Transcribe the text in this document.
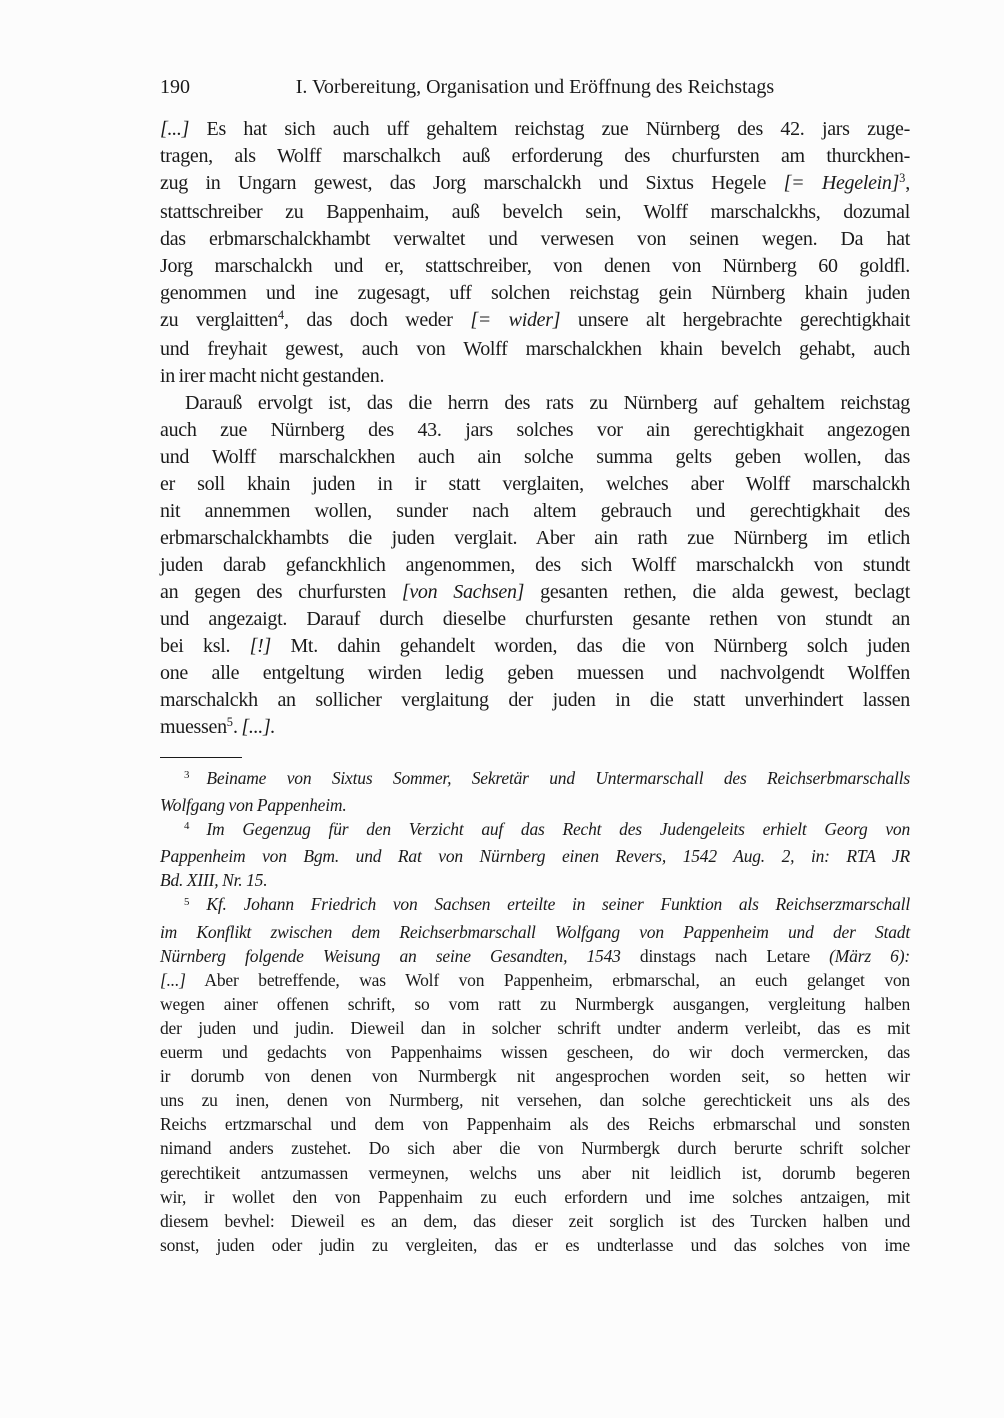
190	I. Vorbereitung, Organisation und Eröffnung des Reichstags
[...] Es hat sich auch uff gehaltem reichstag zue Nürnberg des 42. jars zuge-
tragen, als Wolff marschalkch auß erforderung des churfursten am thurckhen-
zug in Ungarn gewest, das Jorg marschalckh und Sixtus Hegele [= Hegelein]$^3$,
stattschreiber zu Bappenhaim, auß bevelch sein, Wolff marschalckhs, dozumal
das erbmarschalckhambt verwaltet und verwesen von seinen wegen. Da hat
Jorg marschalckh und er, stattschreiber, von denen von Nürnberg 60 goldfl.
genommen und ine zugesagt, uff solchen reichstag gein Nürnberg khain juden
zu verglaitten$^4$, das doch weder [= wider] unsere alt hergebrachte gerechtigkhait
und freyhait gewest, auch von Wolff marschalckhen khain bevelch gehabt, auch
in irer macht nicht gestanden.
Darauß ervolgt ist, das die herrn des rats zu Nürnberg auf gehaltem reichstag
auch zue Nürnberg des 43. jars solches vor ain gerechtigkhait angezogen
und Wolff marschalckhen auch ain solche summa gelts geben wollen, das
er soll khain juden in ir statt verglaiten, welches aber Wolff marschalckh
nit annemmen wollen, sunder nach altem gebrauch und gerechtigkhait des
erbmarschalckhambts die juden verglait. Aber ain rath zue Nürnberg im etlich
juden darab gefanckhlich angenommen, des sich Wolff marschalckh von stundt
an gegen des churfursten [von Sachsen] gesanten rethen, die alda gewest, beclagt
und angezaigt. Darauf durch dieselbe churfursten gesante rethen von stundt an
bei ksl. [!] Mt. dahin gehandelt worden, das die von Nürnberg solch juden
one alle entgeltung wirden ledig geben muessen und nachvolgendt Wolffen
marschalckh an sollicher verglaitung der juden in die statt unverhindert lassen
muessen$^5$. [...].
$^3$ Beiname von Sixtus Sommer, Sekretär und Untermarschall des Reichserbmarschalls
Wolfgang von Pappenheim.
$^4$ Im Gegenzug für den Verzicht auf das Recht des Judengeleits erhielt Georg von
Pappenheim von Bgm. und Rat von Nürnberg einen Revers, 1542 Aug. 2, in: RTA JR
Bd. XIII, Nr. 15.
$^5$ Kf. Johann Friedrich von Sachsen erteilte in seiner Funktion als Reichserzmarschall
im Konflikt zwischen dem Reichserbmarschall Wolfgang von Pappenheim und der Stadt
Nürnberg folgende Weisung an seine Gesandten, 1543 dinstags nach Letare (März 6):
[...] Aber betreffende, was Wolf von Pappenheim, erbmarschal, an euch gelanget von
wegen ainer offenen schrift, so vom ratt zu Nurmbergk ausgangen, vergleitung halben
der juden und judin. Dieweil dan in solcher schrift undter anderm verleibt, das es mit
euerm und gedachts von Pappenhaims wissen gescheen, do wir doch vermercken, das
ir dorumb von denen von Nurmbergk nit angesprochen worden seit, so hetten wir
uns zu inen, denen von Nurmberg, nit versehen, dan solche gerechtickeit uns als des
Reichs ertzmarschal und dem von Pappenhaim als des Reichs erbmarschal und sonsten
nimand anders zustehet. Do sich aber die von Nurmbergk durch berurte schrift solcher
gerechtikeit antzumassen vermeynen, welchs uns aber nit leidlich ist, dorumb begeren
wir, ir wollet den von Pappenhaim zu euch erfordern und ime solches antzaigen, mit
diesem bevhel: Dieweil es an dem, das dieser zeit sorglich ist des Turcken halben und
sonst, juden oder judin zu vergleiten, das er es undterlasse und das solches von ime
